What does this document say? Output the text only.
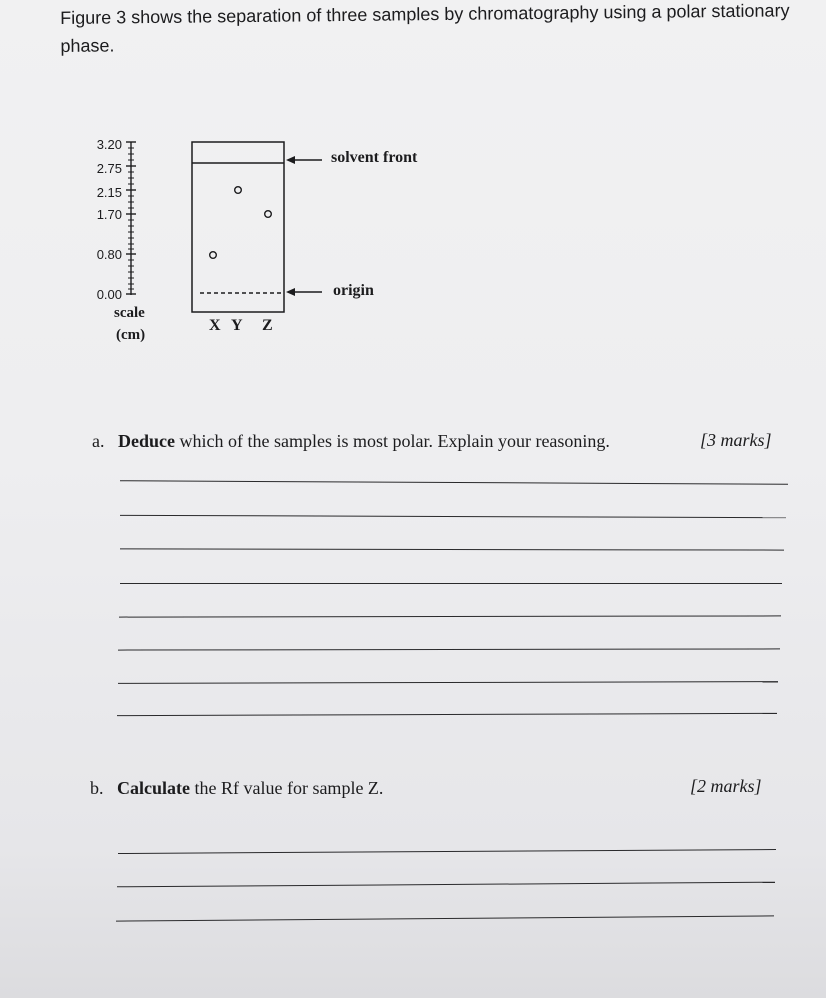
Figure 3 shows the separation of three samples by chromatography using a polar stationary phase.
3.20
2.75
2.15
1.70
0.80
0.00
solvent front
origin
scale
(cm)
X Y Z
a. Deduce which of the samples is most polar. Explain your reasoning.	[3 marks]
b. Calculate the Rf value for sample Z.	[2 marks]
